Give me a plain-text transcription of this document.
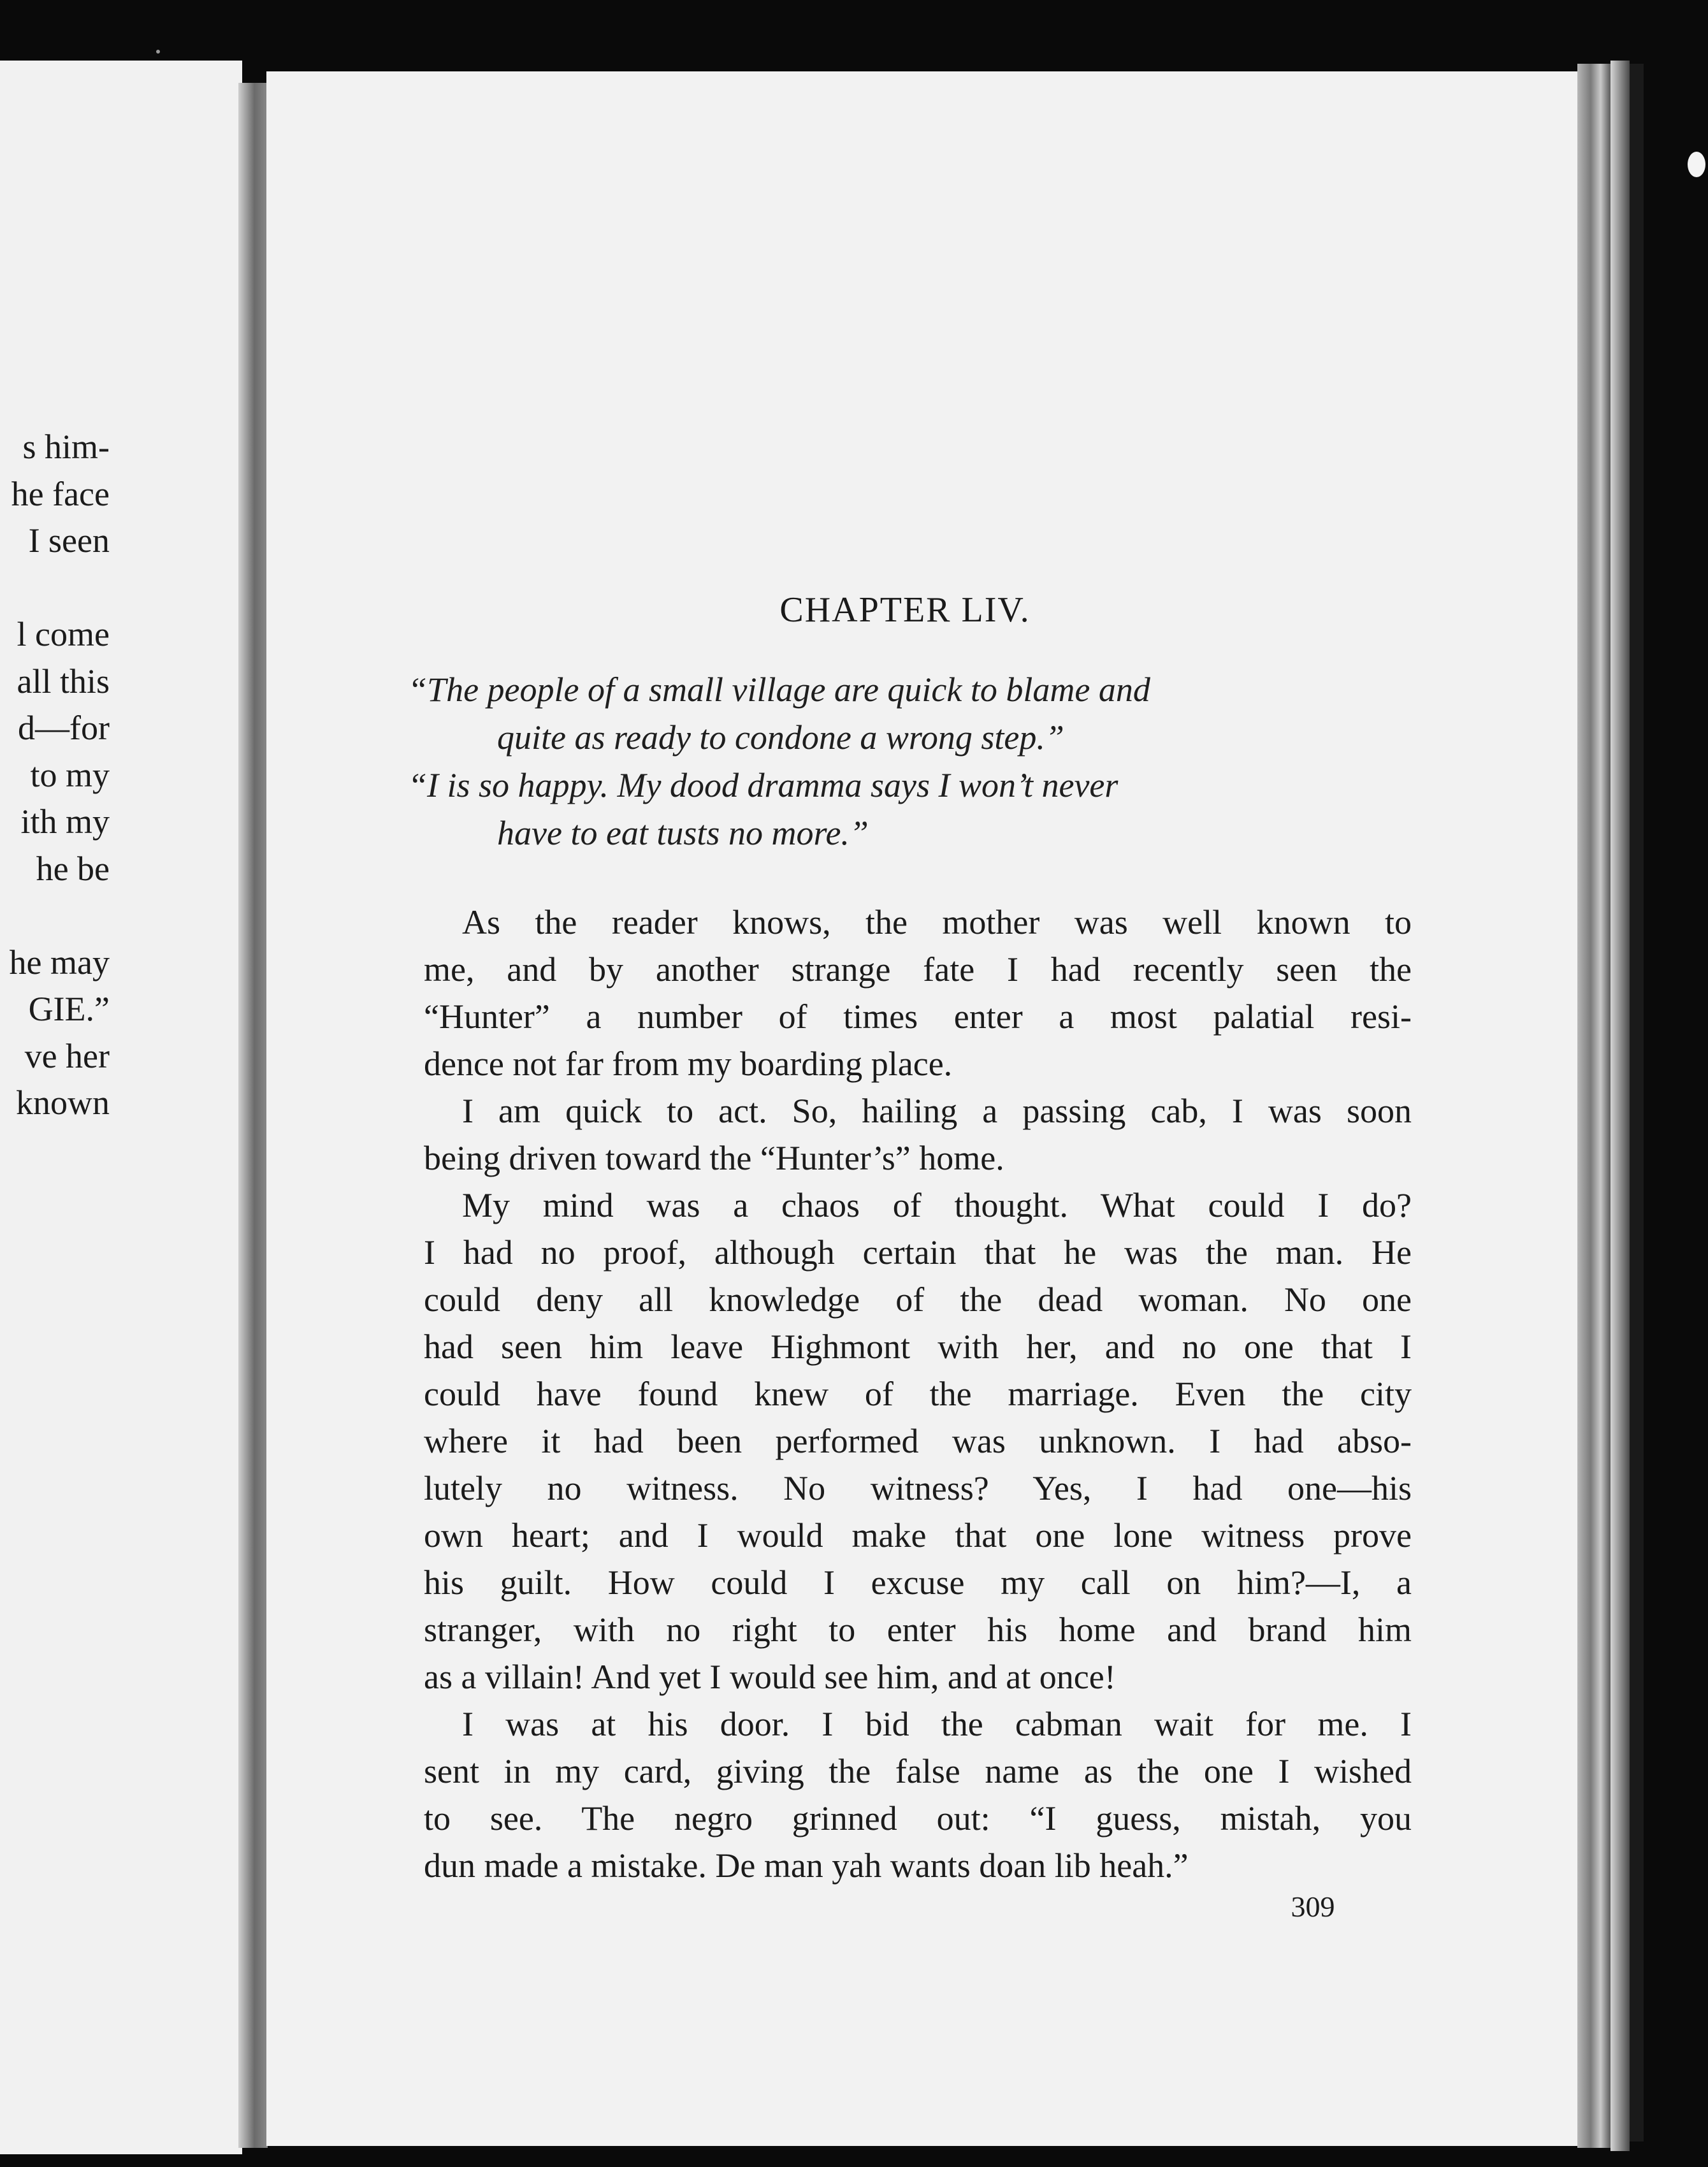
s him-
he face
I seen
l come
all this
d—for
to my
ith my
he be
he may
GIE.”
ve her
known
CHAPTER LIV.
“The people of a small village are quick to blame and
quite as ready to condone a wrong step.”
“I is so happy. My dood dramma says I won’t never
have to eat tusts no more.”
As the reader knows, the mother was well known to
me, and by another strange fate I had recently seen the
“Hunter” a number of times enter a most palatial resi-
dence not far from my boarding place.
I am quick to act. So, hailing a passing cab, I was soon
being driven toward the “Hunter’s” home.
My mind was a chaos of thought. What could I do?
I had no proof, although certain that he was the man. He
could deny all knowledge of the dead woman. No one
had seen him leave Highmont with her, and no one that I
could have found knew of the marriage. Even the city
where it had been performed was unknown. I had abso-
lutely no witness. No witness? Yes, I had one—his
own heart; and I would make that one lone witness prove
his guilt. How could I excuse my call on him?—I, a
stranger, with no right to enter his home and brand him
as a villain! And yet I would see him, and at once!
I was at his door. I bid the cabman wait for me. I
sent in my card, giving the false name as the one I wished
to see. The negro grinned out: “I guess, mistah, you
dun made a mistake. De man yah wants doan lib heah.”
309
